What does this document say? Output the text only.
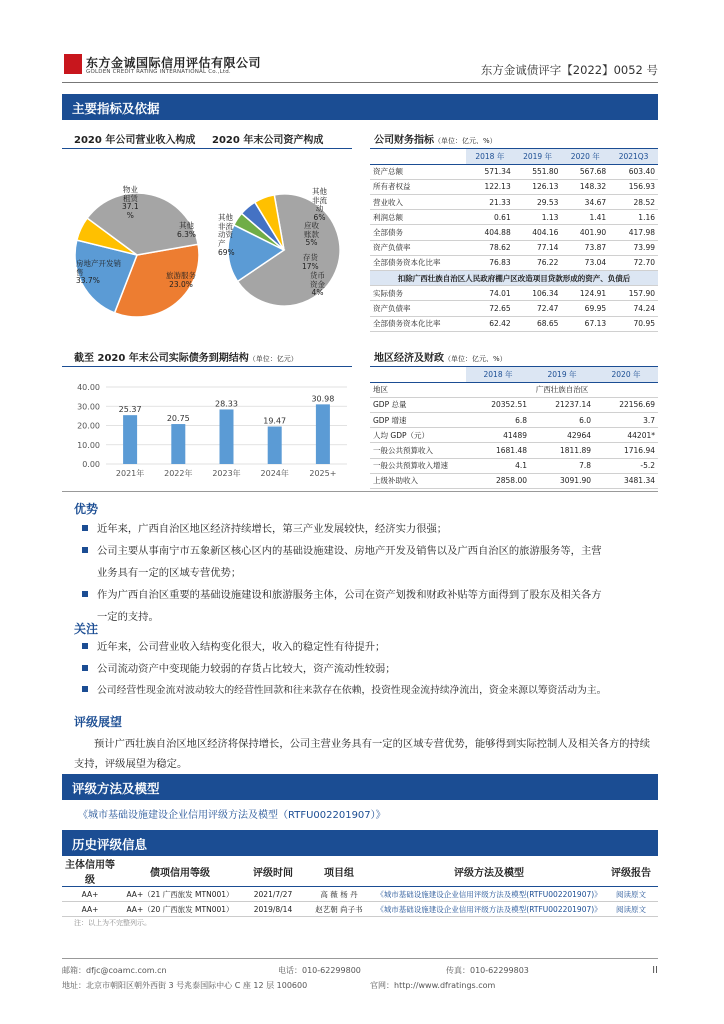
东方金诚国际信用评估有限公司
GOLDEN CREDIT RATING INTERNATIONAL Co.,Ltd.	东方金诚债评字【2022】0052 号
主要指标及依据
2020 年公司营业收入构成 2020 年末公司资产构成
物业
租赁
37.1
%
其他
6.3%
旅游服务
23.0%
房地产开发销
售
33.7%
其他
非流
动资
产
69%
其他
非流
动
6%
应收
账款
5%
存货
17%
货币
资金
4%
公司财务指标（单位：亿元、%）
	2018 年	2019 年	2020 年	2021Q3
资产总额	571.34	551.80	567.68	603.40
所有者权益	122.13	126.13	148.32	156.93
营业收入	21.33	29.53	34.67	28.52
利润总额	0.61	1.13	1.41	1.16
全部债务	404.88	404.16	401.90	417.98
资产负债率	78.62	77.14	73.87	73.99
全部债务资本化比率	76.83	76.22	73.04	72.70
扣除广西壮族自治区人民政府棚户区改造项目贷款形成的资产、负债后				
实际债务	74.01	106.34	124.91	157.90
资产负债率	72.65	72.47	69.95	74.24
全部债务资本化比率	62.42	68.65	67.13	70.95
截至 2020 年末公司实际债务到期结构（单位：亿元）
40.00
30.00
20.00
10.00
0.00
25.37
2021年
20.75
2022年
28.33
2023年
19.47
2024年
30.98
2025+
地区经济及财政（单位：亿元、%）
	2018 年	2019 年	2020 年
地区	广西壮族自治区		
GDP 总量	20352.51	21237.14	22156.69
GDP 增速	6.8	6.0	3.7
人均 GDP（元）	41489	42964	44201*
一般公共预算收入	1681.48	1811.89	1716.94
一般公共预算收入增速	4.1	7.8	-5.2
上级补助收入	2858.00	3091.90	3481.34
优势
近年来，广西自治区地区经济持续增长，第三产业发展较快，经济实力很强；
公司主要从事南宁市五象新区核心区内的基础设施建设、房地产开发及销售以及广西自治区的旅游服务等，主营
业务具有一定的区域专营优势；
作为广西自治区重要的基础设施建设和旅游服务主体，公司在资产划拨和财政补贴等方面得到了股东及相关各方
一定的支持。
关注
近年来，公司营业收入结构变化很大，收入的稳定性有待提升；
公司流动资产中变现能力较弱的存货占比较大，资产流动性较弱；
公司经营性现金流对波动较大的经营性回款和往来款存在依赖，投资性现金流持续净流出，资金来源以筹资活动为主。
评级展望
预计广西壮族自治区地区经济将保持增长，公司主营业务具有一定的区域专营优势，能够得到实际控制人及相关各方的持续支持，评级展望为稳定。
评级方法及模型
《城市基础设施建设企业信用评级方法及模型（RTFU002201907）》
历史评级信息
主体信用等级	债项信用等级	评级时间	项目组	评级方法及模型	评级报告
AA+	AA+（21 广西旅发 MTN001）	2021/7/27	高 薇 杨 丹	《城市基础设施建设企业信用评级方法及模型(RTFU002201907)》	阅读原文
AA+	AA+（20 广西旅发 MTN001）	2019/8/14	赵艺朝 尚子书	《城市基础设施建设企业信用评级方法及模型(RTFU002201907)》	阅读原文
注：以上为不完整列示。
邮箱：dfjc@coamc.com.cn	电话：010-62299800	传真：010-62299803	II
地址：北京市朝阳区朝外西街 3 号兆泰国际中心 C 座 12 层 100600	官网：http://www.dfratings.com
